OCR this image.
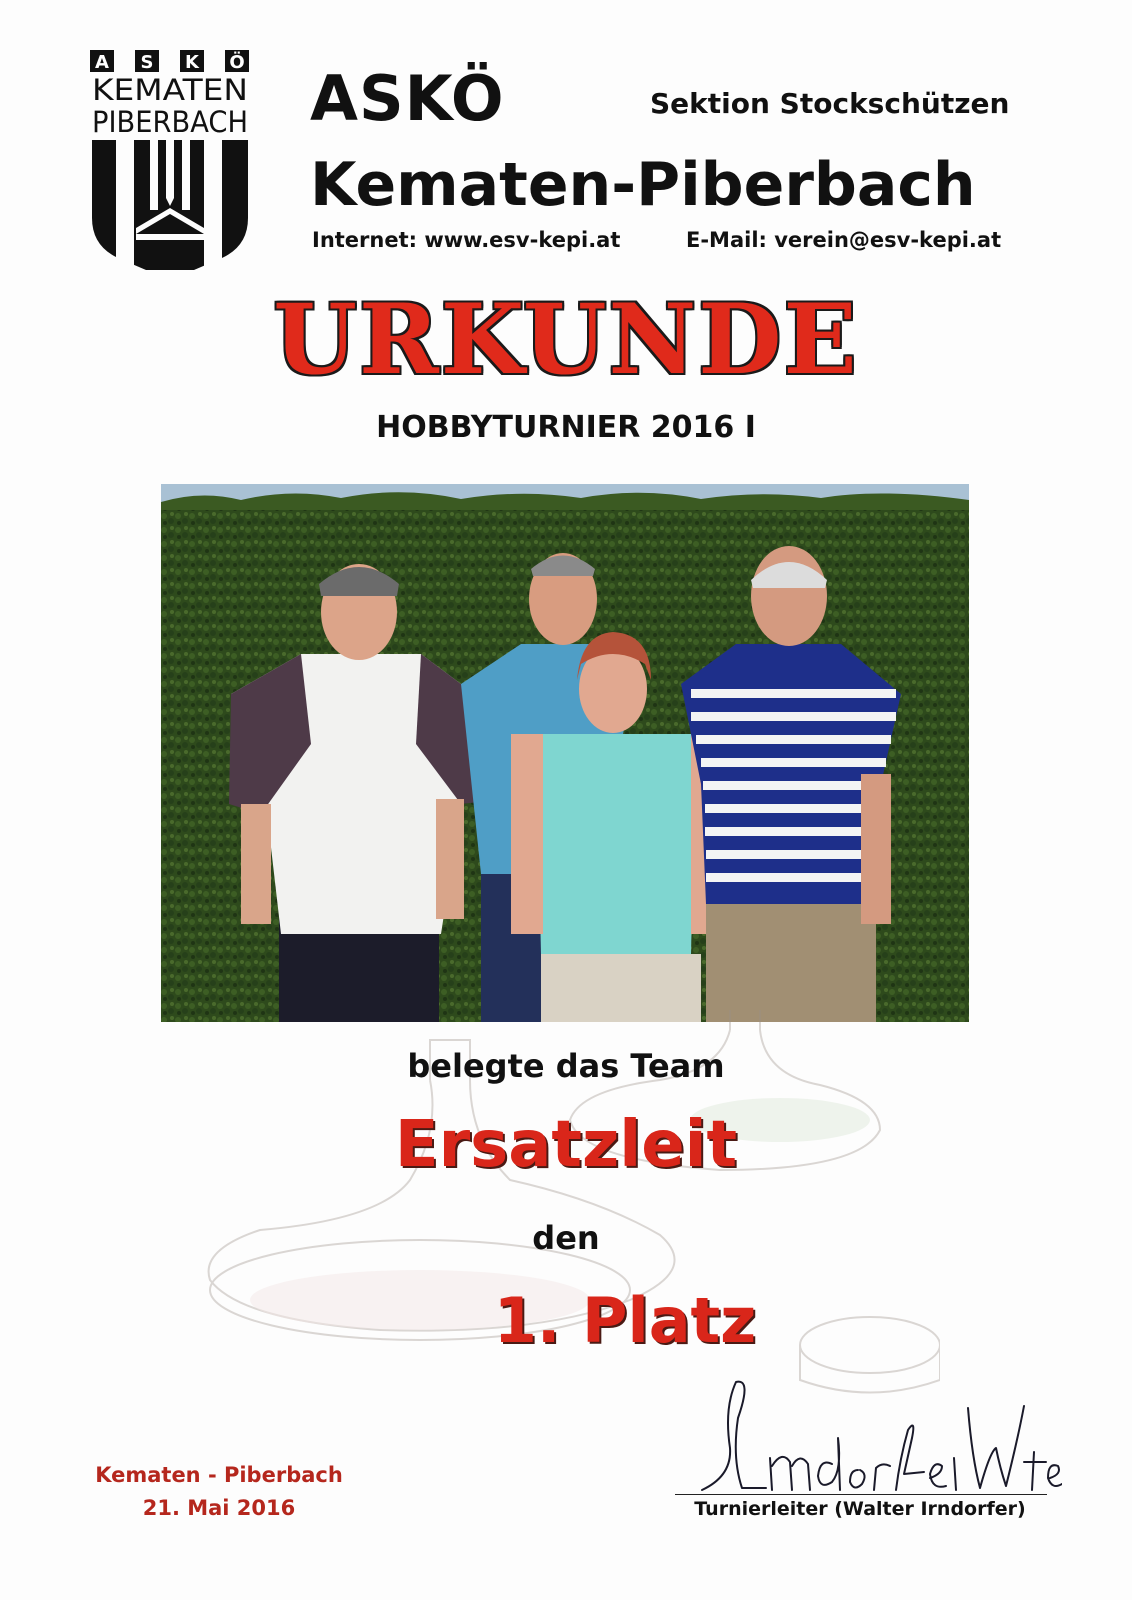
A S K Ö
KEMATEN
PIBERBACH ASKÖ	Sektion Stockschützen
Kematen-Piberbach
Internet: www.esv-kepi.at	E-Mail: verein@esv-kepi.at
URKUNDE
HOBBYTURNIER 2016 I
belegte das Team
Ersatzleit
den
1. Platz
Kematen - Piberbach
21. Mai 2016	Turnierleiter (Walter Irndorfer)
